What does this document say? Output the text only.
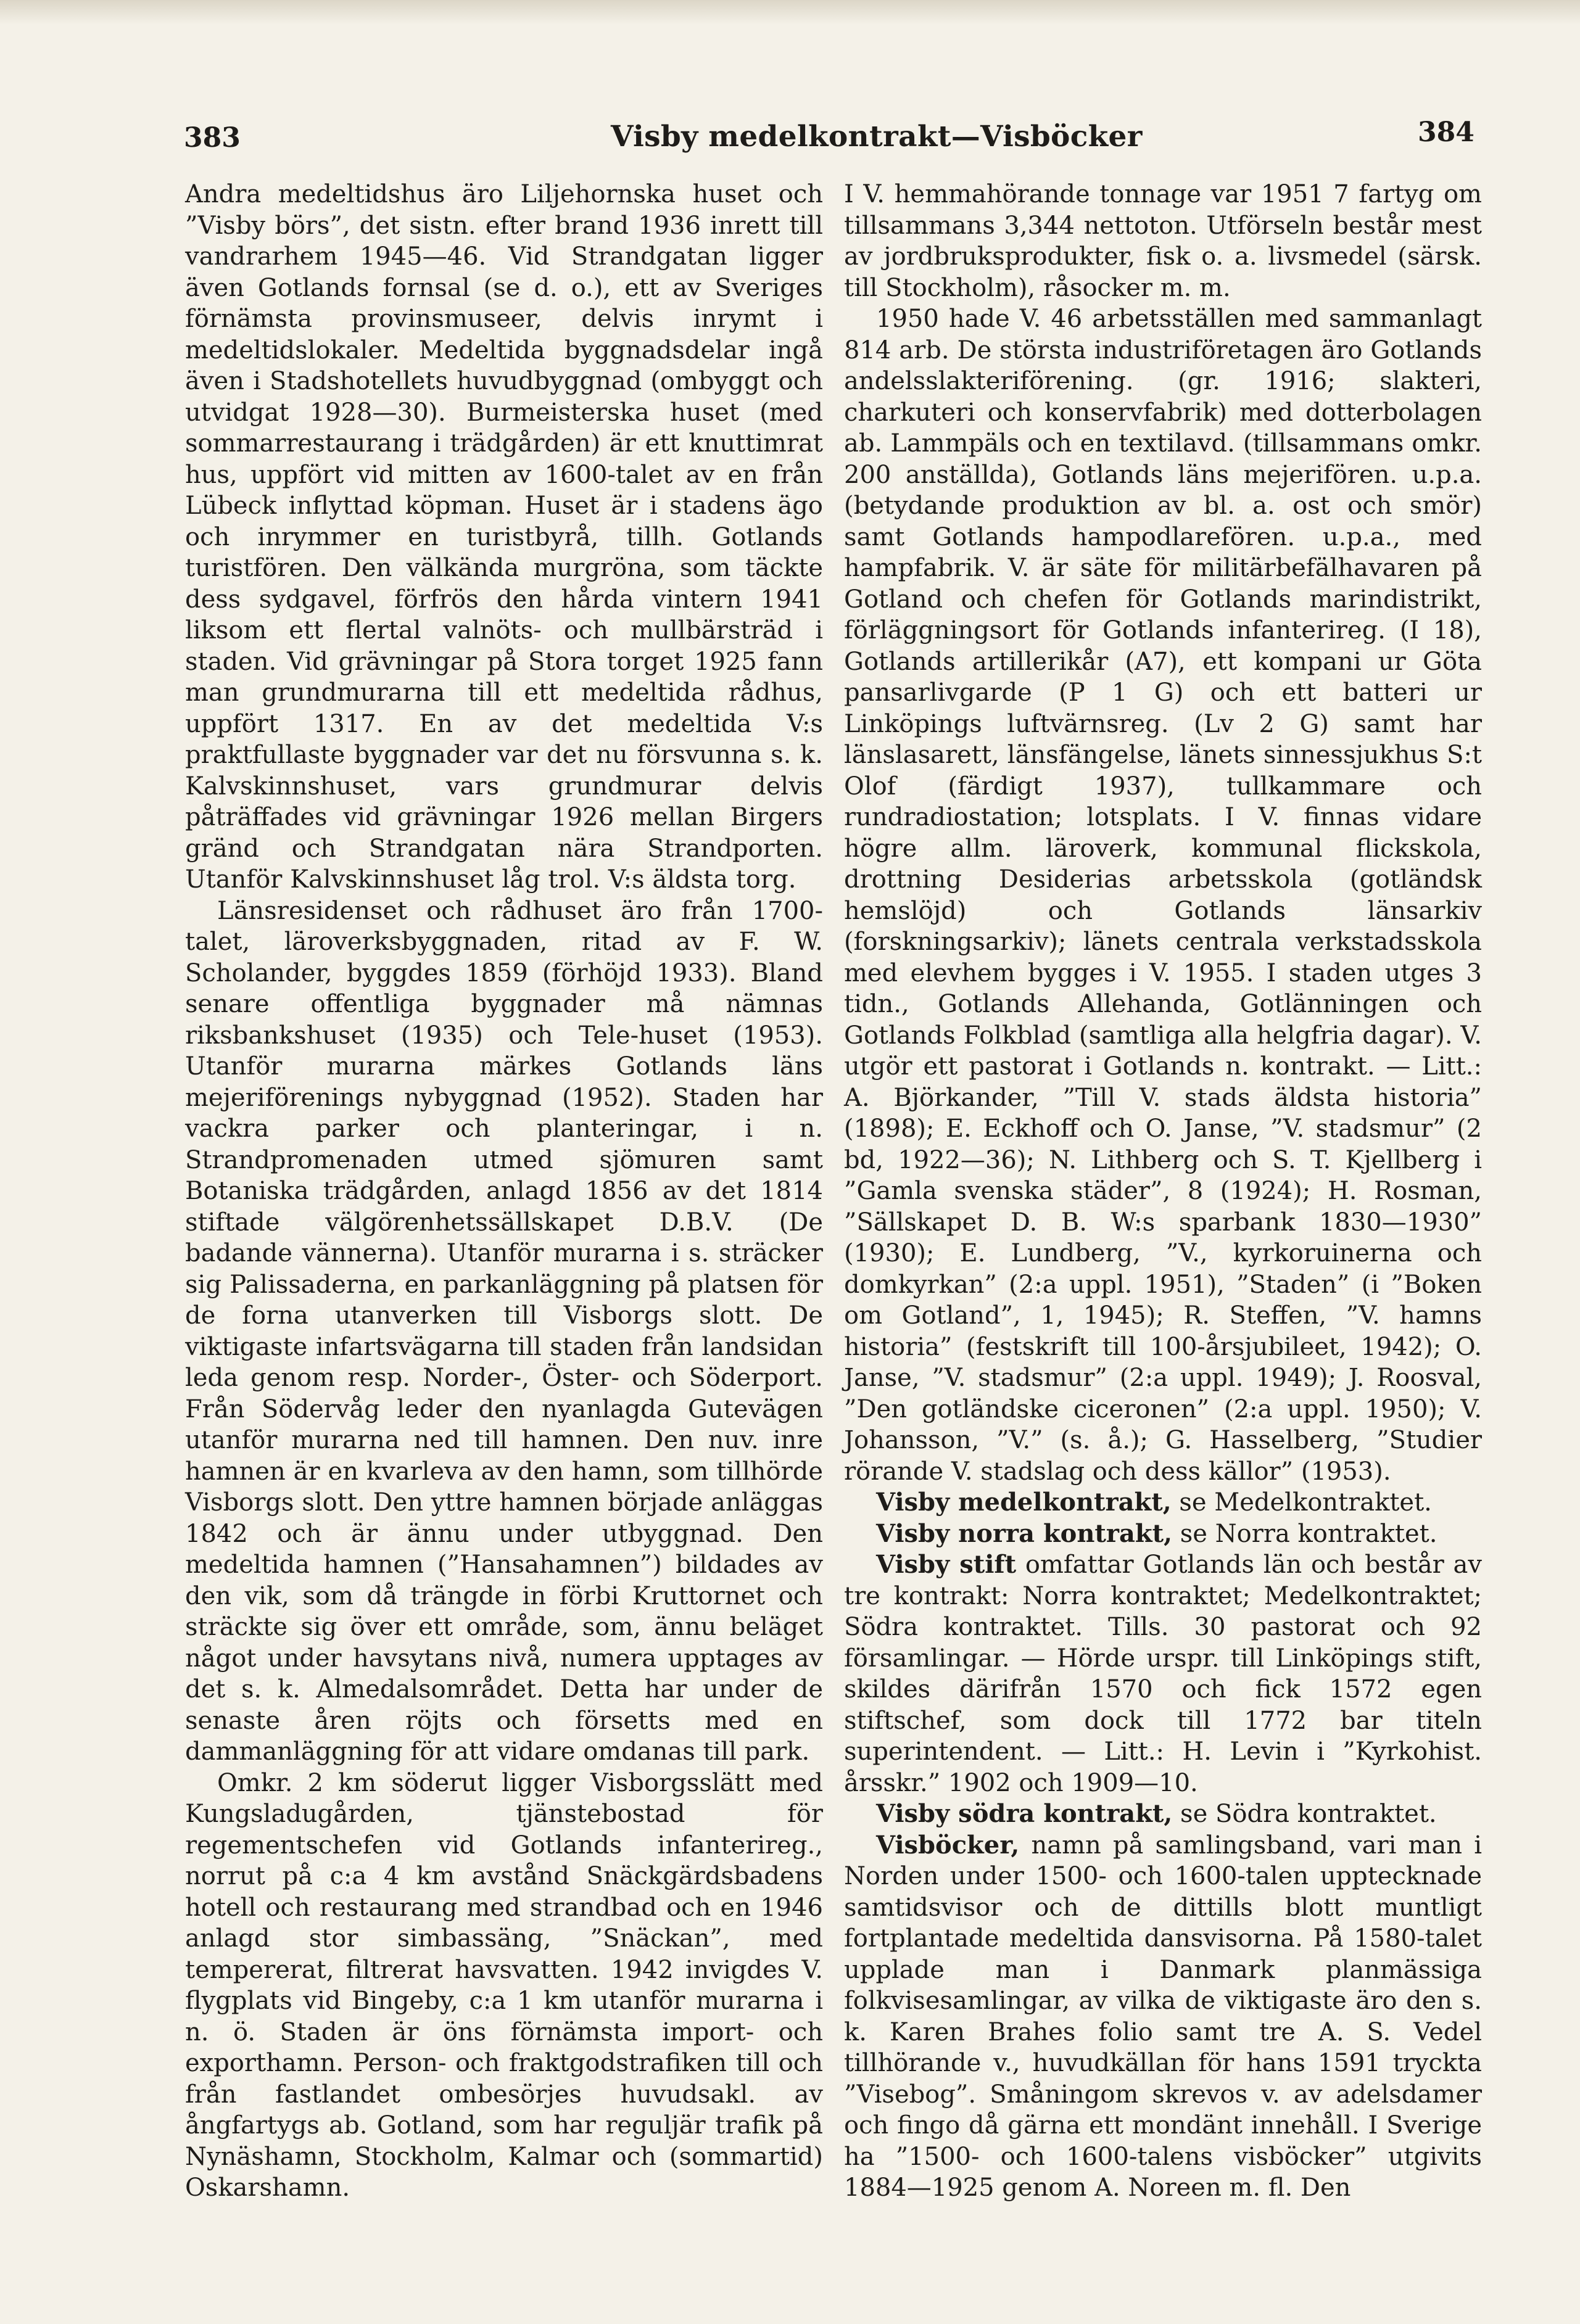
383	Visby medelkontrakt—Visböcker	384

Andra medeltidshus äro Liljehornska huset och ”Visby börs”, det sistn. efter brand 1936 inrett till vandrarhem 1945—46. Vid Strandgatan ligger även Gotlands fornsal (se d. o.), ett av Sveriges förnämsta provinsmuseer, delvis inrymt i medeltidslokaler. Medeltida byggnadsdelar ingå även i Stadshotellets huvudbyggnad (ombyggt och utvidgat 1928—30). Burmeisterska huset (med sommarrestaurang i trädgården) är ett knuttimrat hus, uppfört vid mitten av 1600-talet av en från Lübeck inflyttad köpman. Huset är i stadens ägo och inrymmer en turistbyrå, tillh. Gotlands turistfören. Den välkända murgröna, som täckte dess sydgavel, förfrös den hårda vintern 1941 liksom ett flertal valnöts- och mullbärsträd i staden. Vid grävningar på Stora torget 1925 fann man grundmurarna till ett medeltida rådhus, uppfört 1317. En av det medeltida V:s praktfullaste byggnader var det nu försvunna s. k. Kalvskinnshuset, vars grundmurar delvis påträffades vid grävningar 1926 mellan Birgers gränd och Strandgatan nära Strandporten. Utanför Kalvskinnshuset låg trol. V:s äldsta torg.

Länsresidenset och rådhuset äro från 1700-talet, läroverksbyggnaden, ritad av F. W. Scholander, byggdes 1859 (förhöjd 1933). Bland senare offentliga byggnader må nämnas riksbankshuset (1935) och Tele-huset (1953). Utanför murarna märkes Gotlands läns mejeriförenings nybyggnad (1952). Staden har vackra parker och planteringar, i n. Strandpromenaden utmed sjömuren samt Botaniska trädgården, anlagd 1856 av det 1814 stiftade välgörenhetssällskapet D.B.V. (De badande vännerna). Utanför murarna i s. sträcker sig Palissaderna, en parkanläggning på platsen för de forna utanverken till Visborgs slott. De viktigaste infartsvägarna till staden från landsidan leda genom resp. Norder-, Öster- och Söderport. Från Södervåg leder den nyanlagda Gutevägen utanför murarna ned till hamnen. Den nuv. inre hamnen är en kvarleva av den hamn, som tillhörde Visborgs slott. Den yttre hamnen började anläggas 1842 och är ännu under utbyggnad. Den medeltida hamnen (”Hansahamnen”) bildades av den vik, som då trängde in förbi Kruttornet och sträckte sig över ett område, som, ännu beläget något under havsytans nivå, numera upptages av det s. k. Almedalsområdet. Detta har under de senaste åren röjts och försetts med en dammanläggning för att vidare omdanas till park.

Omkr. 2 km söderut ligger Visborgsslätt med Kungsladugården, tjänstebostad för regementschefen vid Gotlands infanterireg., norrut på c:a 4 km avstånd Snäckgärdsbadens hotell och restaurang med strandbad och en 1946 anlagd stor simbassäng, ”Snäckan”, med tempererat, filtrerat havsvatten. 1942 invigdes V. flygplats vid Bingeby, c:a 1 km utanför murarna i n. ö. Staden är öns förnämsta import- och exporthamn. Person- och fraktgodstrafiken till och från fastlandet ombesörjes huvudsakl. av ångfartygs ab. Gotland, som har reguljär trafik på Nynäshamn, Stockholm, Kalmar och (sommartid) Oskarshamn.

I V. hemmahörande tonnage var 1951 7 fartyg om tillsammans 3,344 nettoton. Utförseln består mest av jordbruksprodukter, fisk o. a. livsmedel (särsk. till Stockholm), råsocker m. m.

1950 hade V. 46 arbetsställen med sammanlagt 814 arb. De största industriföretagen äro Gotlands andelsslakteriförening. (gr. 1916; slakteri, charkuteri och konservfabrik) med dotterbolagen ab. Lammpäls och en textilavd. (tillsammans omkr. 200 anställda), Gotlands läns mejerifören. u.p.a. (betydande produktion av bl. a. ost och smör) samt Gotlands hampodlarefören. u.p.a., med hampfabrik. V. är säte för militärbefälhavaren på Gotland och chefen för Gotlands marindistrikt, förläggningsort för Gotlands infanterireg. (I 18), Gotlands artillerikår (A7), ett kompani ur Göta pansarlivgarde (P 1 G) och ett batteri ur Linköpings luftvärnsreg. (Lv 2 G) samt har länslasarett, länsfängelse, länets sinnessjukhus S:t Olof (färdigt 1937), tullkammare och rundradiostation; lotsplats. I V. finnas vidare högre allm. läroverk, kommunal flickskola, drottning Desiderias arbetsskola (gotländsk hemslöjd) och Gotlands länsarkiv (forskningsarkiv); länets centrala verkstadsskola med elevhem bygges i V. 1955. I staden utges 3 tidn., Gotlands Allehanda, Gotlänningen och Gotlands Folkblad (samtliga alla helgfria dagar). V. utgör ett pastorat i Gotlands n. kontrakt. — Litt.: A. Björkander, ”Till V. stads äldsta historia” (1898); E. Eckhoff och O. Janse, ”V. stadsmur” (2 bd, 1922—36); N. Lithberg och S. T. Kjellberg i ”Gamla svenska städer”, 8 (1924); H. Rosman, ”Sällskapet D. B. W:s sparbank 1830—1930” (1930); E. Lundberg, ”V., kyrkoruinerna och domkyrkan” (2:a uppl. 1951), ”Staden” (i ”Boken om Gotland”, 1, 1945); R. Steffen, ”V. hamns historia” (festskrift till 100-årsjubileet, 1942); O. Janse, ”V. stadsmur” (2:a uppl. 1949); J. Roosval, ”Den gotländske ciceronen” (2:a uppl. 1950); V. Johansson, ”V.” (s. å.); G. Hasselberg, ”Studier rörande V. stadslag och dess källor” (1953).

Visby medelkontrakt, se Medelkontraktet.

Visby norra kontrakt, se Norra kontraktet.

Visby stift omfattar Gotlands län och består av tre kontrakt: Norra kontraktet; Medelkontraktet; Södra kontraktet. Tills. 30 pastorat och 92 församlingar. — Hörde urspr. till Linköpings stift, skildes därifrån 1570 och fick 1572 egen stiftschef, som dock till 1772 bar titeln superintendent. — Litt.: H. Levin i ”Kyrkohist. årsskr.” 1902 och 1909—10.

Visby södra kontrakt, se Södra kontraktet.

Visböcker, namn på samlingsband, vari man i Norden under 1500- och 1600-talen upptecknade samtidsvisor och de dittills blott muntligt fortplantade medeltida dansvisorna. På 1580-talet upplade man i Danmark planmässiga folkvisesamlingar, av vilka de viktigaste äro den s. k. Karen Brahes folio samt tre A. S. Vedel tillhörande v., huvudkällan för hans 1591 tryckta ”Visebog”. Småningom skrevos v. av adelsdamer och fingo då gärna ett mondänt innehåll. I Sverige ha ”1500- och 1600-talens visböcker” utgivits 1884—1925 genom A. Noreen m. fl. Den
